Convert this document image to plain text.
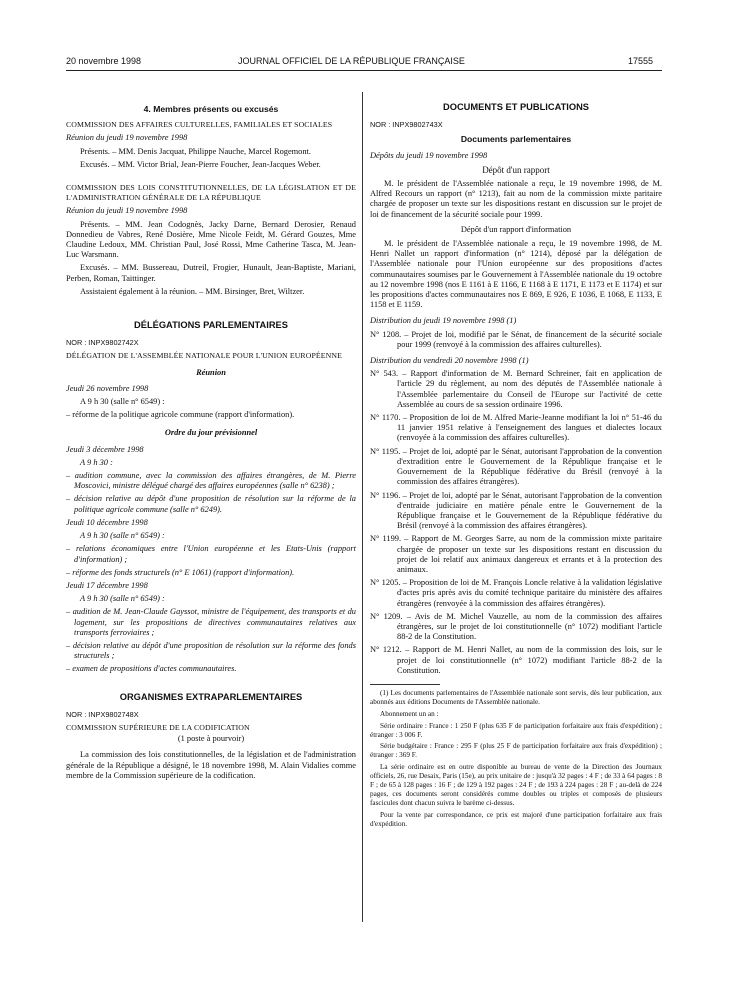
20 novembre 1998	JOURNAL OFFICIEL DE LA RÉPUBLIQUE FRANÇAISE	17555
4. Membres présents ou excusés

COMMISSION DES AFFAIRES CULTURELLES, FAMILIALES ET SOCIALES

Réunion du jeudi 19 novembre 1998

Présents. – MM. Denis Jacquat, Philippe Nauche, Marcel Rogemont.

Excusés. – MM. Victor Brial, Jean-Pierre Foucher, Jean-Jacques Weber.

COMMISSION DES LOIS CONSTITUTIONNELLES, DE LA LÉGISLATION ET DE L'ADMINISTRATION GÉNÉRALE DE LA RÉPUBLIQUE

Réunion du jeudi 19 novembre 1998

Présents. – MM. Jean Codognès, Jacky Darne, Bernard Derosier, Renaud Donnedieu de Vabres, René Dosière, Mme Nicole Feidt, M. Gérard Gouzes, Mme Claudine Ledoux, MM. Christian Paul, José Rossi, Mme Catherine Tasca, M. Jean-Luc Warsmann.

Excusés. – MM. Bussereau, Dutreil, Frogier, Hunault, Jean-Baptiste, Mariani, Perben, Roman, Taittinger.

Assistaient également à la réunion. – MM. Birsinger, Bret, Wiltzer.

DÉLÉGATIONS PARLEMENTAIRES

NOR : INPX9802742X

DÉLÉGATION DE L'ASSEMBLÉE NATIONALE POUR L'UNION EUROPÉENNE

Réunion

Jeudi 26 novembre 1998

A 9 h 30 (salle n° 6549) :

– réforme de la politique agricole commune (rapport d'information).

Ordre du jour prévisionnel

Jeudi 3 décembre 1998

A 9 h 30 :

– audition commune, avec la commission des affaires étrangères, de M. Pierre Moscovici, ministre délégué chargé des affaires européennes (salle n° 6238) ;

– décision relative au dépôt d'une proposition de résolution sur la réforme de la politique agricole commune (salle n° 6249).

Jeudi 10 décembre 1998

A 9 h 30 (salle n° 6549) :

– relations économiques entre l'Union européenne et les Etats-Unis (rapport d'information) ;

– réforme des fonds structurels (n° E 1061) (rapport d'information).

Jeudi 17 décembre 1998

A 9 h 30 (salle n° 6549) :

– audition de M. Jean-Claude Gayssot, ministre de l'équipement, des transports et du logement, sur les propositions de directives communautaires relatives aux transports ferroviaires ;

– décision relative au dépôt d'une proposition de résolution sur la réforme des fonds structurels ;

– examen de propositions d'actes communautaires.

ORGANISMES EXTRAPARLEMENTAIRES

NOR : INPX9802748X

COMMISSION SUPÉRIEURE DE LA CODIFICATION

(1 poste à pourvoir)

La commission des lois constitutionnelles, de la législation et de l'administration générale de la République a désigné, le 18 novembre 1998, M. Alain Vidalies comme membre de la Commission supérieure de la codification.

DOCUMENTS ET PUBLICATIONS

NOR : INPX9802743X

Documents parlementaires

Dépôts du jeudi 19 novembre 1998

Dépôt d'un rapport

M. le président de l'Assemblée nationale a reçu, le 19 novembre 1998, de M. Alfred Recours un rapport (n° 1213), fait au nom de la commission mixte paritaire chargée de proposer un texte sur les dispositions restant en discussion sur le projet de loi de financement de la sécurité sociale pour 1999.

Dépôt d'un rapport d'information

M. le président de l'Assemblée nationale a reçu, le 19 novembre 1998, de M. Henri Nallet un rapport d'information (n° 1214), déposé par la délégation de l'Assemblée nationale pour l'Union européenne sur des propositions d'actes communautaires soumises par le Gouvernement à l'Assemblée nationale du 19 octobre au 12 novembre 1998 (nos E 1161 à E 1166, E 1168 à E 1171, E 1173 et E 1174) et sur les propositions d'actes communautaires nos E 869, E 926, E 1036, E 1068, E 1133, E 1158 et E 1159.

Distribution du jeudi 19 novembre 1998 (1)

N° 1208. – Projet de loi, modifié par le Sénat, de financement de la sécurité sociale pour 1999 (renvoyé à la commission des affaires culturelles).

Distribution du vendredi 20 novembre 1998 (1)

N° 543. – Rapport d'information de M. Bernard Schreiner, fait en application de l'article 29 du règlement, au nom des députés de l'Assemblée nationale à l'Assemblée parlementaire du Conseil de l'Europe sur l'activité de cette Assemblée au cours de sa session ordinaire 1996.

N° 1170. – Proposition de loi de M. Alfred Marie-Jeanne modifiant la loi n° 51-46 du 11 janvier 1951 relative à l'enseignement des langues et dialectes locaux (renvoyée à la commission des affaires culturelles).

N° 1195. – Projet de loi, adopté par le Sénat, autorisant l'approbation de la convention d'extradition entre le Gouvernement de la République française et le Gouvernement de la République fédérative du Brésil (renvoyé à la commission des affaires étrangères).

N° 1196. – Projet de loi, adopté par le Sénat, autorisant l'approbation de la convention d'entraide judiciaire en matière pénale entre le Gouvernement de la République française et le Gouvernement de la République fédérative du Brésil (renvoyé à la commission des affaires étrangères).

N° 1199. – Rapport de M. Georges Sarre, au nom de la commission mixte paritaire chargée de proposer un texte sur les dispositions restant en discussion du projet de loi relatif aux animaux dangereux et errants et à la protection des animaux.

N° 1205. – Proposition de loi de M. François Loncle relative à la validation législative d'actes pris après avis du comité technique paritaire du ministère des affaires étrangères (renvoyée à la commission des affaires étrangères).

N° 1209. – Avis de M. Michel Vauzelle, au nom de la commission des affaires étrangères, sur le projet de loi constitutionnelle (n° 1072) modifiant l'article 88-2 de la Constitution.

N° 1212. – Rapport de M. Henri Nallet, au nom de la commission des lois, sur le projet de loi constitutionnelle (n° 1072) modifiant l'article 88-2 de la Constitution.

(1) Les documents parlementaires de l'Assemblée nationale sont servis, dès leur publication, aux abonnés aux éditions Documents de l'Assemblée nationale.

Abonnement un an :

Série ordinaire : France : 1 250 F (plus 635 F de participation forfaitaire aux frais d'expédition) ; étranger : 3 006 F.

Série budgétaire : France : 295 F (plus 25 F de participation forfaitaire aux frais d'expédition) ; étranger : 369 F.

La série ordinaire est en outre disponible au bureau de vente de la Direction des Journaux officiels, 26, rue Desaix, Paris (15e), au prix unitaire de : jusqu'à 32 pages : 4 F ; de 33 à 64 pages : 8 F ; de 65 à 128 pages : 16 F ; de 129 à 192 pages : 24 F ; de 193 à 224 pages : 28 F ; au-delà de 224 pages, ces documents seront considérés comme doubles ou triples et composés de plusieurs fascicules dont chacun suivra le barème ci-dessus.

Pour la vente par correspondance, ce prix est majoré d'une participation forfaitaire aux frais d'expédition.
